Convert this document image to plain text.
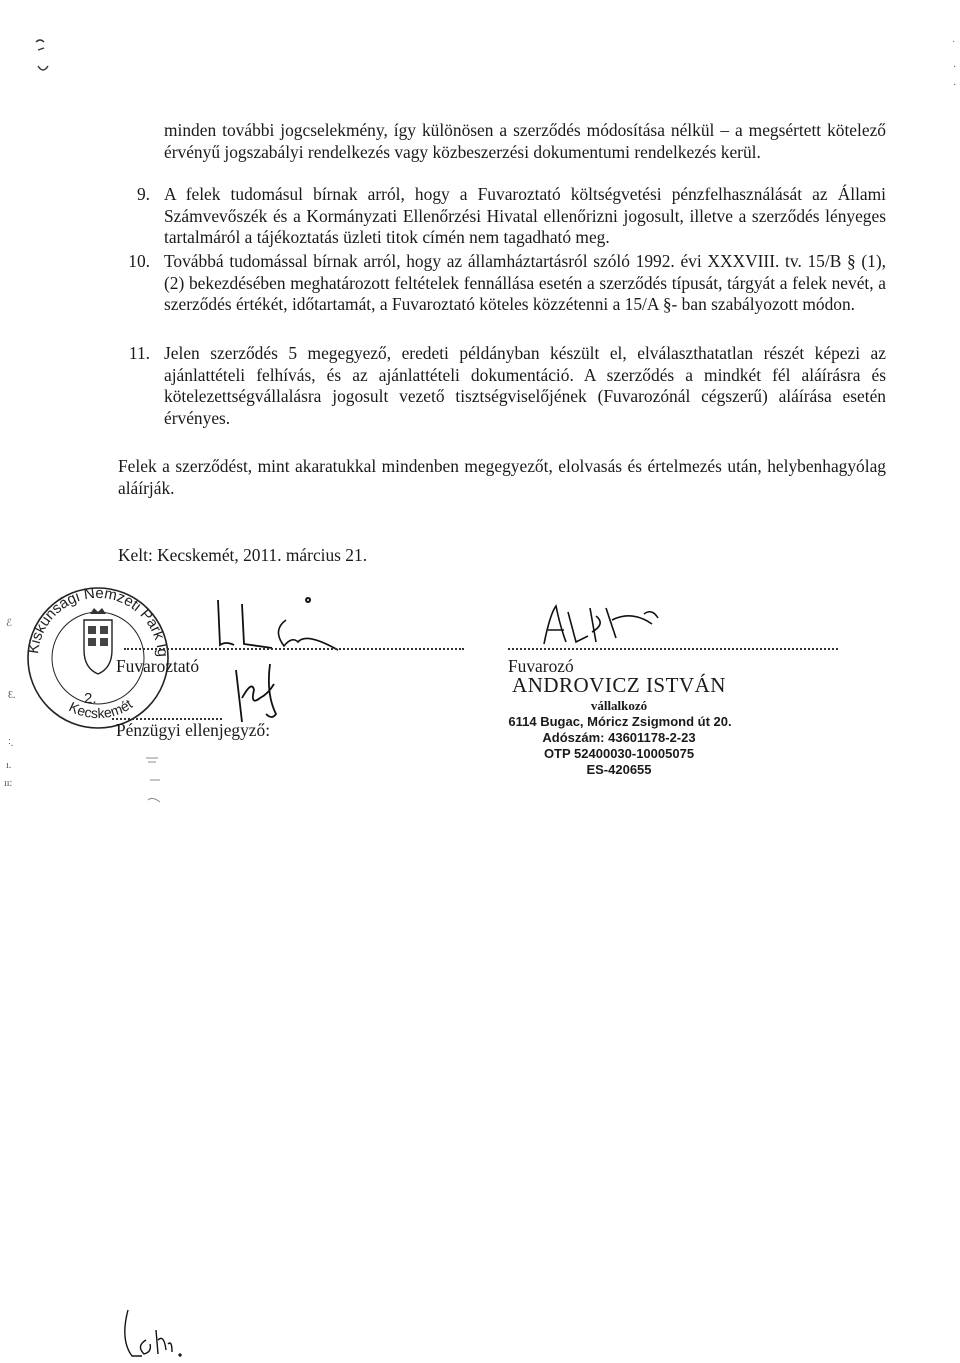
˙
·
·
ℰ
Ɛ.
˸.
ı.
ıı:
minden további jogcselekmény, így különösen a szerződés módosítása nélkül – a megsértett kötelező érvényű jogszabályi rendelkezés vagy közbeszerzési dokumentumi rendelkezés kerül.
9. A felek tudomásul bírnak arról, hogy a Fuvaroztató költségvetési pénzfelhasználását az Állami Számvevőszék és a Kormányzati Ellenőrzési Hivatal ellenőrizni jogosult, illetve a szerződés lényeges tartalmáról a tájékoztatás üzleti titok címén nem tagadható meg.
10. Továbbá tudomással bírnak arról, hogy az államháztartásról szóló 1992. évi XXXVIII. tv. 15/B § (1), (2) bekezdésében meghatározott feltételek fennállása esetén a szerződés típusát, tárgyát a felek nevét, a szerződés értékét, időtartamát, a Fuvaroztató köteles közzétenni a 15/A §- ban szabályozott módon.
11. Jelen szerződés 5 megegyező, eredeti példányban készült el, elválaszthatatlan részét képezi az ajánlattételi felhívás, és az ajánlattételi dokumentáció. A szerződés a mindkét fél aláírásra és kötelezettségvállalásra jogosult vezető tisztségviselőjének (Fuvarozónál cégszerű) aláírása esetén érvényes.
Felek a szerződést, mint akaratukkal mindenben megegyezőt, elolvasás és értelmezés után, helybenhagyólag aláírják.
Kelt: Kecskemét, 2011. március 21.
Kiskunsági Nemzeti Park Igazgatóság
Kecskemét
2.
Fuvaroztató
Pénzügyi ellenjegyző:
Fuvarozó
ANDROVICZ ISTVÁN
vállalkozó
6114 Bugac, Móricz Zsigmond út 20.
Adószám: 43601178-2-23
OTP 52400030-10005075
ES-420655
